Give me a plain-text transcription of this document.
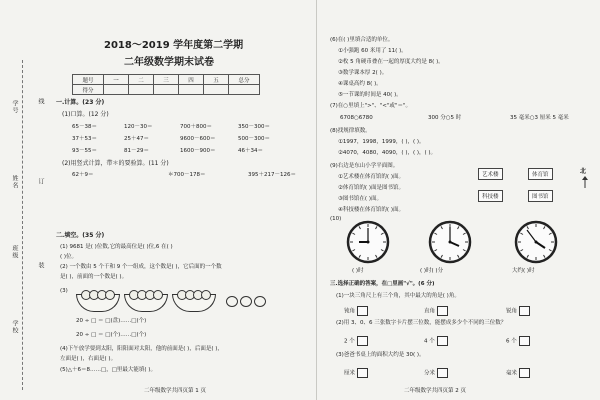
学号
姓名
班级
学校
线
订
装
2018～2019 学年度第二学期
二年级数学期末试卷
题号	一	二	三	四	五	总分
得分						
一.计算。(23 分)
(1)口算。(12 分)
65－38＝	120－30＝	700＋800＝	350－300＝
37＋53＝	25＋47＝	9600－600＝	500－300＝
93－55＝	81－29＝	1600－900＝	46＋34＝
(2)用竖式计算，带＊的要验算。(11 分)
62＋9＝	＊700－178＝	395＋217－126＝
二.填空。(35 分)
(1) 9681 是( )位数,它的最高位是( )位,6 在( )
( )位。
(2) 一个数由 5 个千和 9 个一组成，这个数是( )，它后面的一个数
是( )，前面的一个数是( )。
(3)
20 ÷ □ ＝ □(盘)……□(个)
20 ÷ □ ＝ □(个)……□(个)
(4)下午放学要到太阳，阳阳面对太阳，他的前面是( )，后面是( )，
左面是( )，右面是( )。
(5)△＋6＝8……□，□里最大能填( )。
二年级数学共四页第 1 页
(6)在( )里填合适的单位。
①小强跑 60 米用了 11( )。
②枚 5 角硬币叠在一起的厚度大约是 8( )。
③数学课本厚 2( )。
④课桌高约 8( )。
⑤一节课的时间是 40( )。
(7)在○里填上">"、"<"或"＝"。
6708○6780	300 分○5 时	35 毫米○3 厘米 5 毫米
(8)找规律填数。
①1997，1998，1999，( )，( )。
②4070，4080，4090，( )，( )，( )。
(9)右边是东山小学平面图。
①艺术楼在体育馆的( )面。
②体育馆的( )面是图书馆。
③图书馆在( )面。
④科技楼在体育馆的( )面。
艺术楼	体育馆
科技楼	图书馆
北
(10)
( )时	( )时( )分	大约( )时
三.选择正确的答案，在□里画"√"。(6 分)
(1)一块三角尺上有三个角，其中最大的角是( )角。
钝角	直角	锐角
(2)用 3、0、6 三张数字卡片摆三位数，能摆成多少个不同的三位数？
2 个	4 个	6 个
(3)爸爸书桌上的面积大约是 30( )。
厘米	分米	毫米
二年级数学共四页第 2 页
